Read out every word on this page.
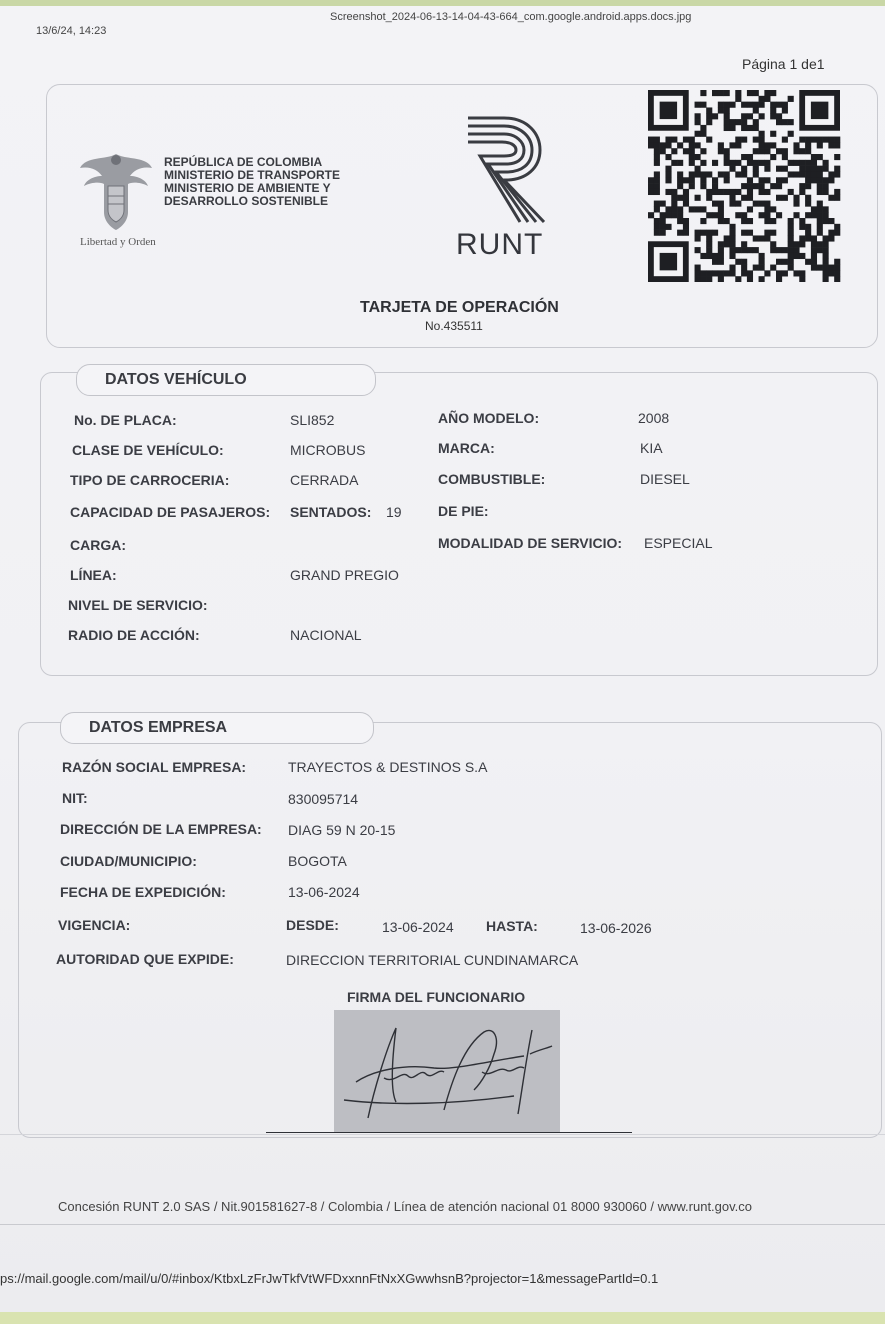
13/6/24, 14:23
Screenshot_2024-06-13-14-04-43-664_com.google.android.apps.docs.jpg
Página 1 de1
Libertad y Orden
REPÚBLICA DE COLOMBIA
MINISTERIO DE TRANSPORTE
MINISTERIO DE AMBIENTE Y
DESARROLLO SOSTENIBLE
RUNT
TARJETA DE OPERACIÓN
No.435511
DATOS VEHÍCULO
No. DE PLACA:	SLI852	AÑO MODELO:	2008
CLASE DE VEHÍCULO:	MICROBUS	MARCA:	KIA
TIPO DE CARROCERIA:	CERRADA	COMBUSTIBLE:	DIESEL
CAPACIDAD DE PASAJEROS: SENTADOS: 19	DE PIE:
CARGA:	MODALIDAD DE SERVICIO: ESPECIAL
LÍNEA:	GRAND PREGIO
NIVEL DE SERVICIO:
RADIO DE ACCIÓN:	NACIONAL
DATOS EMPRESA
RAZÓN SOCIAL EMPRESA:	TRAYECTOS & DESTINOS S.A
NIT:	830095714
DIRECCIÓN DE LA EMPRESA: DIAG 59 N 20-15
CIUDAD/MUNICIPIO:	BOGOTA
FECHA DE EXPEDICIÓN:	13-06-2024
VIGENCIA:	DESDE:	13-06-2024 HASTA:	13-06-2026
AUTORIDAD QUE EXPIDE:	DIRECCION TERRITORIAL CUNDINAMARCA
FIRMA DEL FUNCIONARIO
Concesión RUNT 2.0 SAS / Nit.901581627-8 / Colombia / Línea de atención nacional 01 8000 930060 / www.runt.gov.co
ps://mail.google.com/mail/u/0/#inbox/KtbxLzFrJwTkfVtWFDxxnnFtNxXGwwhsnB?projector=1&messagePartId=0.1
